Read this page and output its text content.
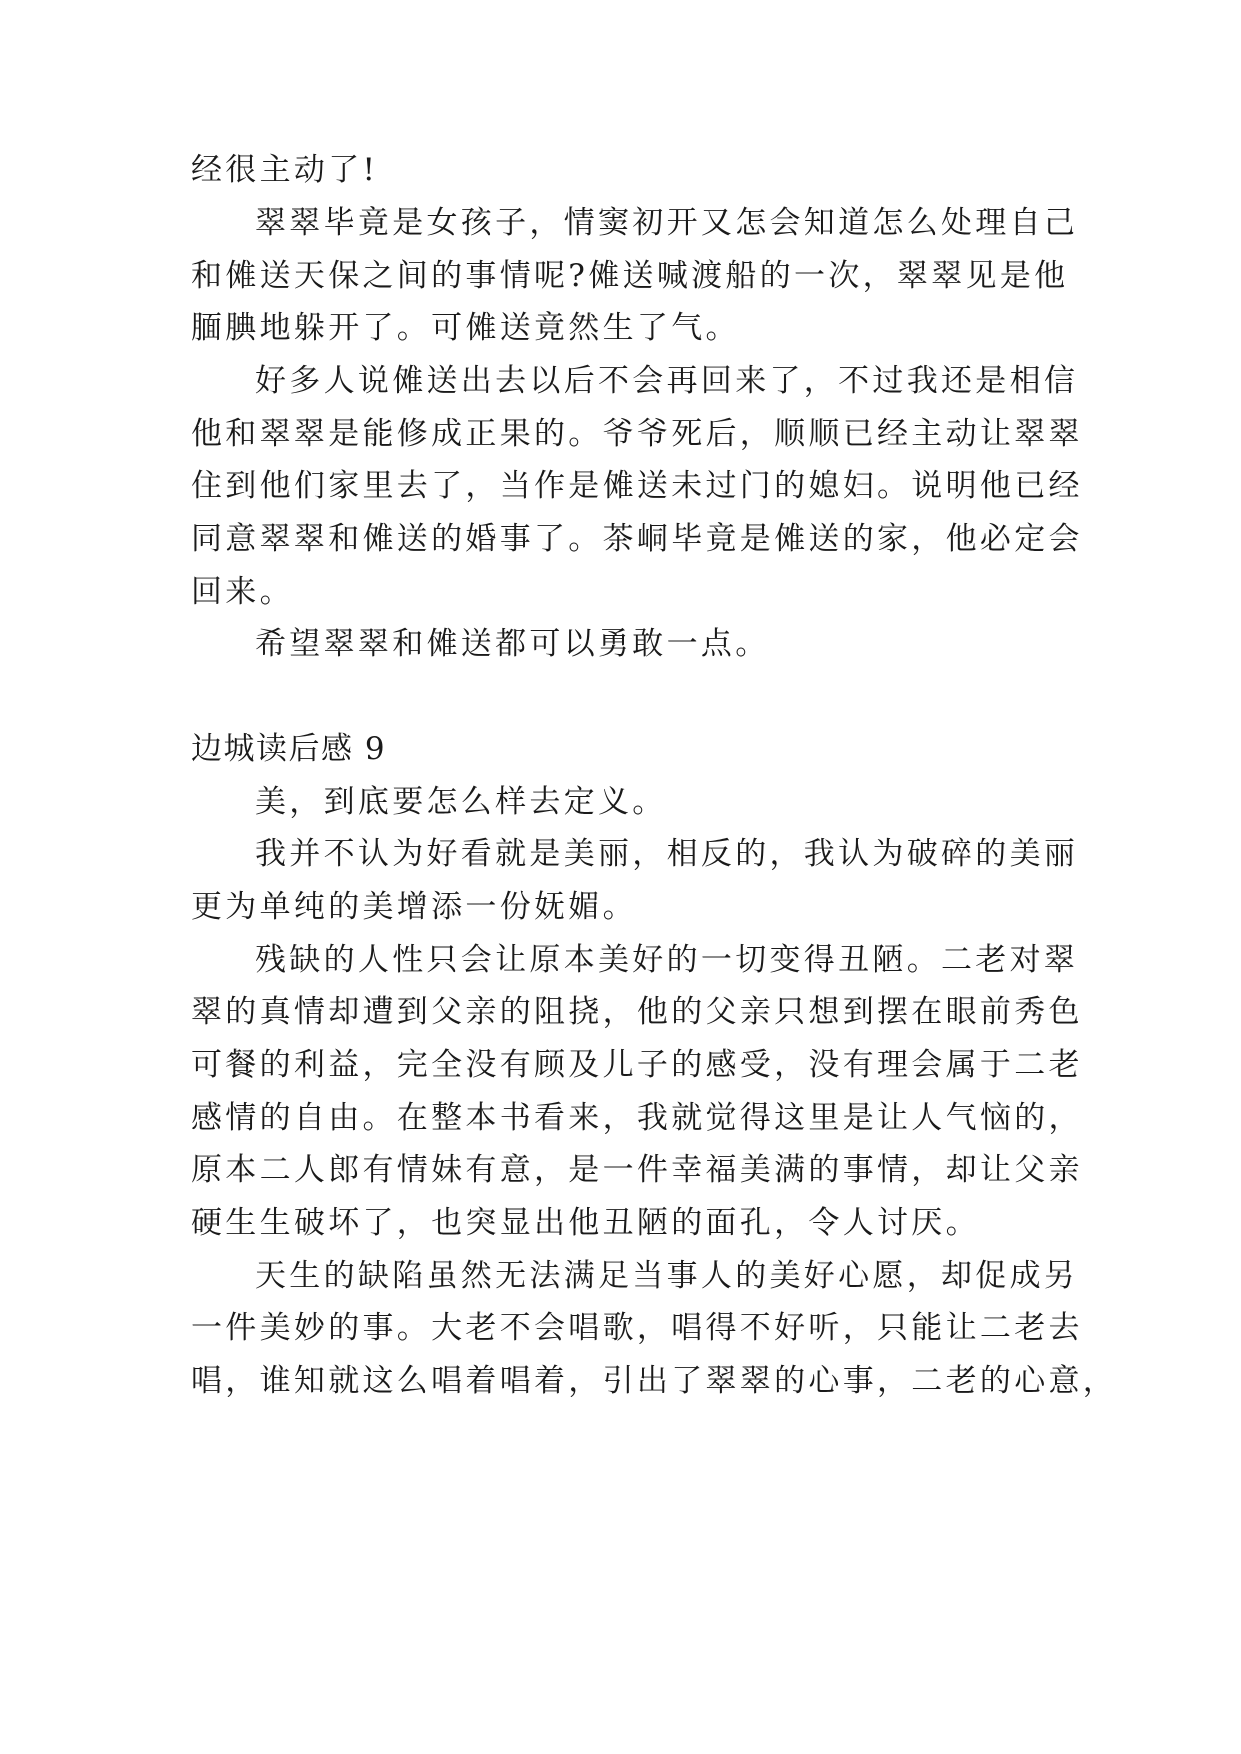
经很主动了!
翠翠毕竟是女孩子，情窦初开又怎会知道怎么处理自己
和傩送天保之间的事情呢?傩送喊渡船的一次，翠翠见是他
腼腆地躲开了。可傩送竟然生了气。
好多人说傩送出去以后不会再回来了，不过我还是相信
他和翠翠是能修成正果的。爷爷死后，顺顺已经主动让翠翠
住到他们家里去了，当作是傩送未过门的媳妇。说明他已经
同意翠翠和傩送的婚事了。茶峒毕竟是傩送的家，他必定会
回来。
希望翠翠和傩送都可以勇敢一点。
边城读后感 9
美，到底要怎么样去定义。
我并不认为好看就是美丽，相反的，我认为破碎的美丽
更为单纯的美增添一份妩媚。
残缺的人性只会让原本美好的一切变得丑陋。二老对翠
翠的真情却遭到父亲的阻挠，他的父亲只想到摆在眼前秀色
可餐的利益，完全没有顾及儿子的感受，没有理会属于二老
感情的自由。在整本书看来，我就觉得这里是让人气恼的，
原本二人郎有情妹有意，是一件幸福美满的事情，却让父亲
硬生生破坏了，也突显出他丑陋的面孔，令人讨厌。
天生的缺陷虽然无法满足当事人的美好心愿，却促成另
一件美妙的事。大老不会唱歌，唱得不好听，只能让二老去
唱，谁知就这么唱着唱着，引出了翠翠的心事，二老的心意，
